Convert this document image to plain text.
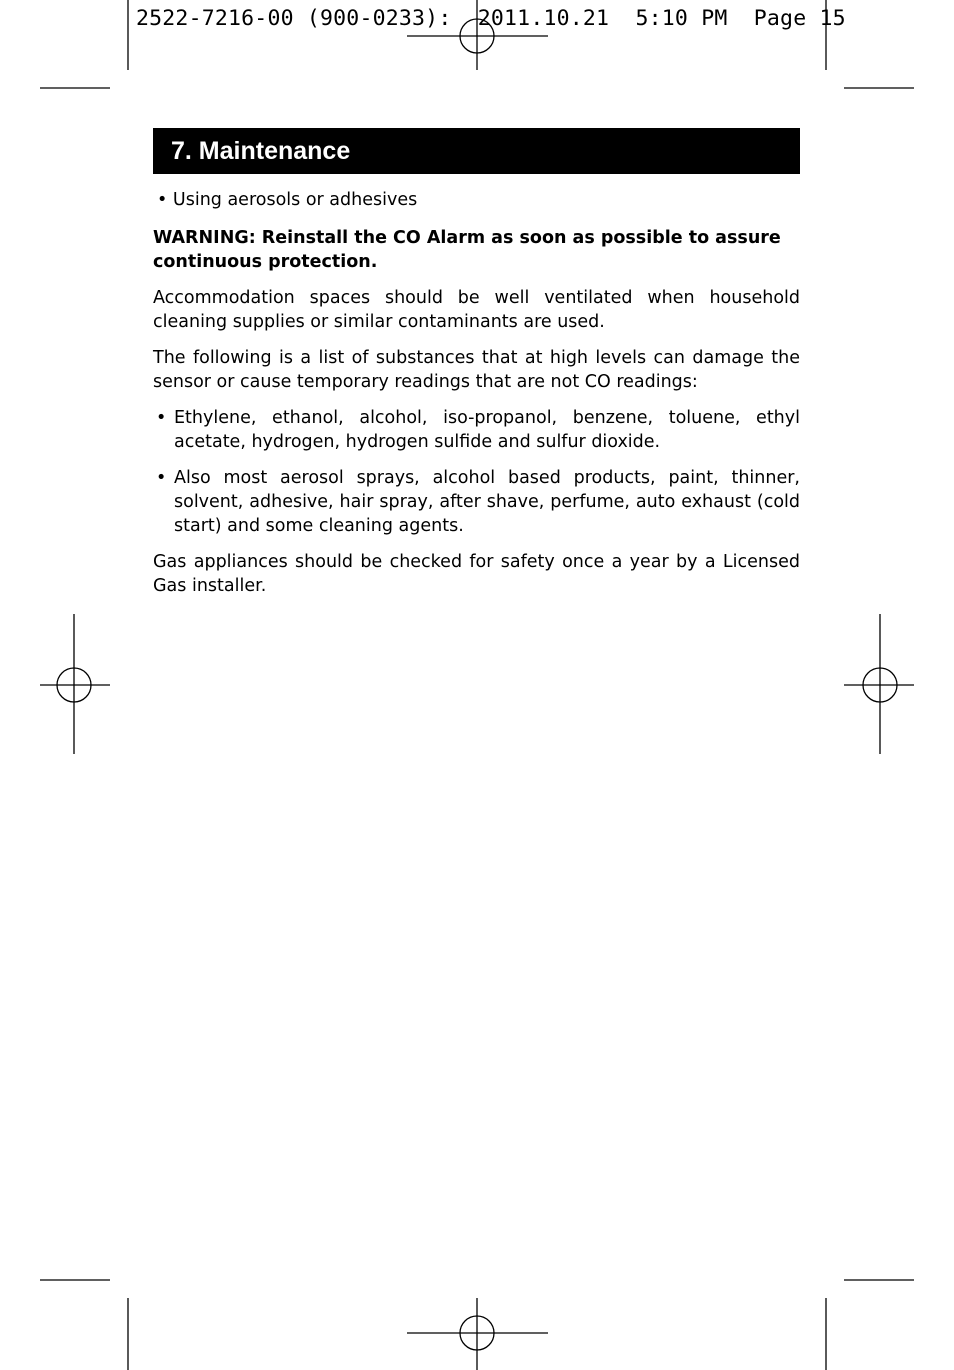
2522-7216-00 (900-0233):  2011.10.21  5:10 PM  Page 15
7. Maintenance

• Using aerosols or adhesives

WARNING: Reinstall the CO Alarm as soon as possible to assure continuous protection.

Accommodation spaces should be well ventilated when household cleaning supplies or similar contaminants are used.

The following is a list of substances that at high levels can damage the sensor or cause temporary readings that are not CO readings:

• Ethylene, ethanol, alcohol, iso-propanol, benzene, toluene, ethyl acetate, hydrogen, hydrogen sulfide and sulfur dioxide.
• Also most aerosol sprays, alcohol based products, paint, thinner, solvent, adhesive, hair spray, after shave, perfume, auto exhaust (cold start) and some cleaning agents.

Gas appliances should be checked for safety once a year by a Licensed Gas installer.
